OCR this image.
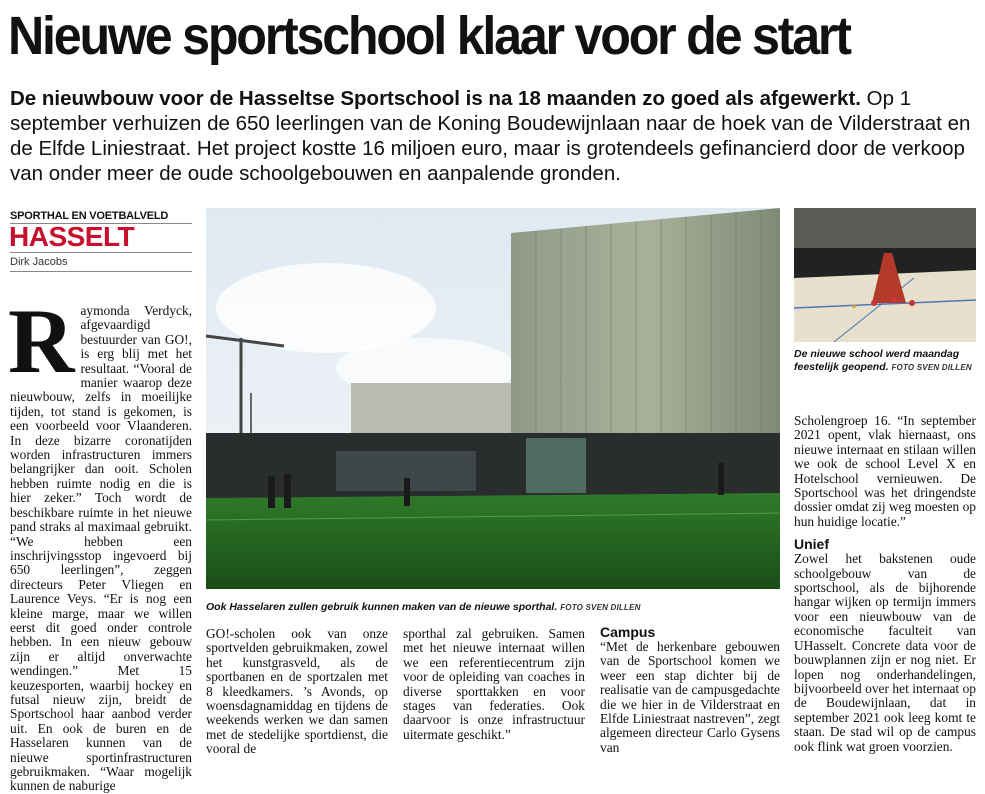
Nieuwe sportschool klaar voor de start
De nieuwbouw voor de Hasseltse Sportschool is na 18 maanden zo goed als afgewerkt. Op 1 september verhuizen de 650 leerlingen van de Koning Boudewijnlaan naar de hoek van de Vilderstraat en de Elfde Liniestraat. Het project kostte 16 miljoen euro, maar is grotendeels gefinancierd door de verkoop van onder meer de oude schoolgebouwen en aanpalende gronden.
SPORTHAL EN VOETBALVELD
HASSELT
Dirk Jacobs
Raymonda Verdyck, afgevaardigd bestuurder van GO!, is erg blij met het resultaat. “Vooral de manier waarop deze nieuwbouw, zelfs in moeilijke tijden, tot stand is gekomen, is een voorbeeld voor Vlaanderen. In deze bizarre coronatijden worden infrastructuren immers belangrijker dan ooit. Scholen hebben ruimte nodig en die is hier zeker.” Toch wordt de beschikbare ruimte in het nieuwe pand straks al maximaal gebruikt. “We hebben een inschrijvingsstop ingevoerd bij 650 leerlingen”, zeggen directeurs Peter Vliegen en Laurence Veys. “Er is nog een kleine marge, maar we willen eerst dit goed onder controle hebben. In een nieuw gebouw zijn er altijd onverwachte wendingen.” Met 15 keuzesporten, waarbij hockey en futsal nieuw zijn, breidt de Sportschool haar aanbod verder uit. En ook de buren en de Hasselaren kunnen van de nieuwe sportinfrastructuren gebruikmaken. “Waar mogelijk kunnen de naburige
Ook Hasselaren zullen gebruik kunnen maken van de nieuwe sporthal. FOTO SVEN DILLEN

GO!-scholen ook van onze sportvelden gebruikmaken, zowel het kunstgrasveld, als de sportbanen en de sportzalen met 8 kleedkamers. ’s Avonds, op woensdagnamiddag en tijdens de weekends werken we dan samen met de stedelijke sportdienst, die vooral de

sporthal zal gebruiken. Samen met het nieuwe internaat willen we een referentiecentrum zijn voor de opleiding van coaches in diverse sporttakken en voor stages van federaties. Ook daarvoor is onze infrastructuur uitermate geschikt.”

Campus

“Met de herkenbare gebouwen van de Sportschool komen we weer een stap dichter bij de realisatie van de campusgedachte die we hier in de Vilderstraat en Elfde Liniestraat nastreven”, zegt algemeen directeur Carlo Gysens van

De nieuwe school werd maandag feestelijk geopend. FOTO SVEN DILLEN

Scholengroep 16. “In september 2021 opent, vlak hiernaast, ons nieuwe internaat en stilaan willen we ook de school Level X en Hotelschool vernieuwen. De Sportschool was het dringendste dossier omdat zij weg moesten op hun huidige locatie.”

Unief

Zowel het bakstenen oude schoolgebouw van de sportschool, als de bijhorende hangar wijken op termijn immers voor een nieuwbouw van de economische faculteit van UHasselt. Concrete data voor de bouwplannen zijn er nog niet. Er lopen nog onderhandelingen, bijvoorbeeld over het internaat op de Boudewijnlaan, dat in september 2021 ook leeg komt te staan. De stad wil op de campus ook flink wat groen voorzien.
